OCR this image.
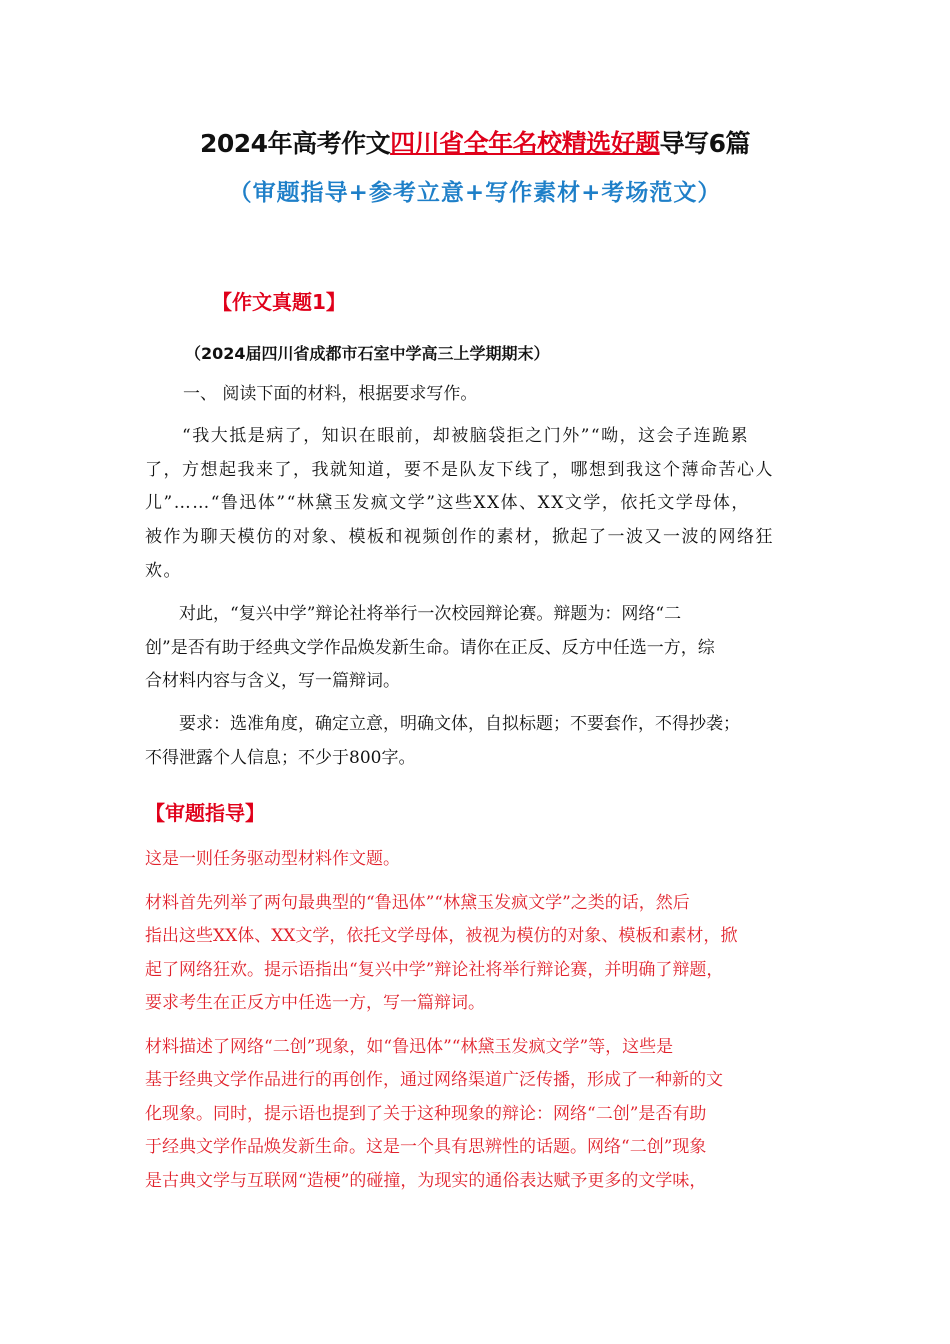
2024年高考作文四川省全年名校精选好题导写6篇
（审题指导+参考立意+写作素材+考场范文）
【作文真题1】
（2024届四川省成都市石室中学高三上学期期末）
一、 阅读下面的材料，根据要求写作。
　　“我大抵是病了，知识在眼前，却被脑袋拒之门外”“呦，这会子连跪累
了，方想起我来了，我就知道，要不是队友下线了，哪想到我这个薄命苦心人
儿”……“鲁迅体”“林黛玉发疯文学”这些XX体、XX文学，依托文学母体，
被作为聊天模仿的对象、模板和视频创作的素材，掀起了一波又一波的网络狂
欢。
　　对此，“复兴中学”辩论社将举行一次校园辩论赛。辩题为：网络“二
创”是否有助于经典文学作品焕发新生命。请你在正反、反方中任选一方，综
合材料内容与含义，写一篇辩词。
　　要求：选准角度，确定立意，明确文体，自拟标题；不要套作，不得抄袭；
不得泄露个人信息；不少于800字。
【审题指导】
这是一则任务驱动型材料作文题。
材料首先列举了两句最典型的“鲁迅体”“林黛玉发疯文学”之类的话，然后
指出这些XX体、XX文学，依托文学母体，被视为模仿的对象、模板和素材，掀
起了网络狂欢。提示语指出“复兴中学”辩论社将举行辩论赛，并明确了辩题，
要求考生在正反方中任选一方，写一篇辩词。
材料描述了网络“二创”现象，如“鲁迅体”“林黛玉发疯文学”等，这些是
基于经典文学作品进行的再创作，通过网络渠道广泛传播，形成了一种新的文
化现象。同时，提示语也提到了关于这种现象的辩论：网络“二创”是否有助
于经典文学作品焕发新生命。这是一个具有思辨性的话题。网络“二创”现象
是古典文学与互联网“造梗”的碰撞，为现实的通俗表达赋予更多的文学味，
